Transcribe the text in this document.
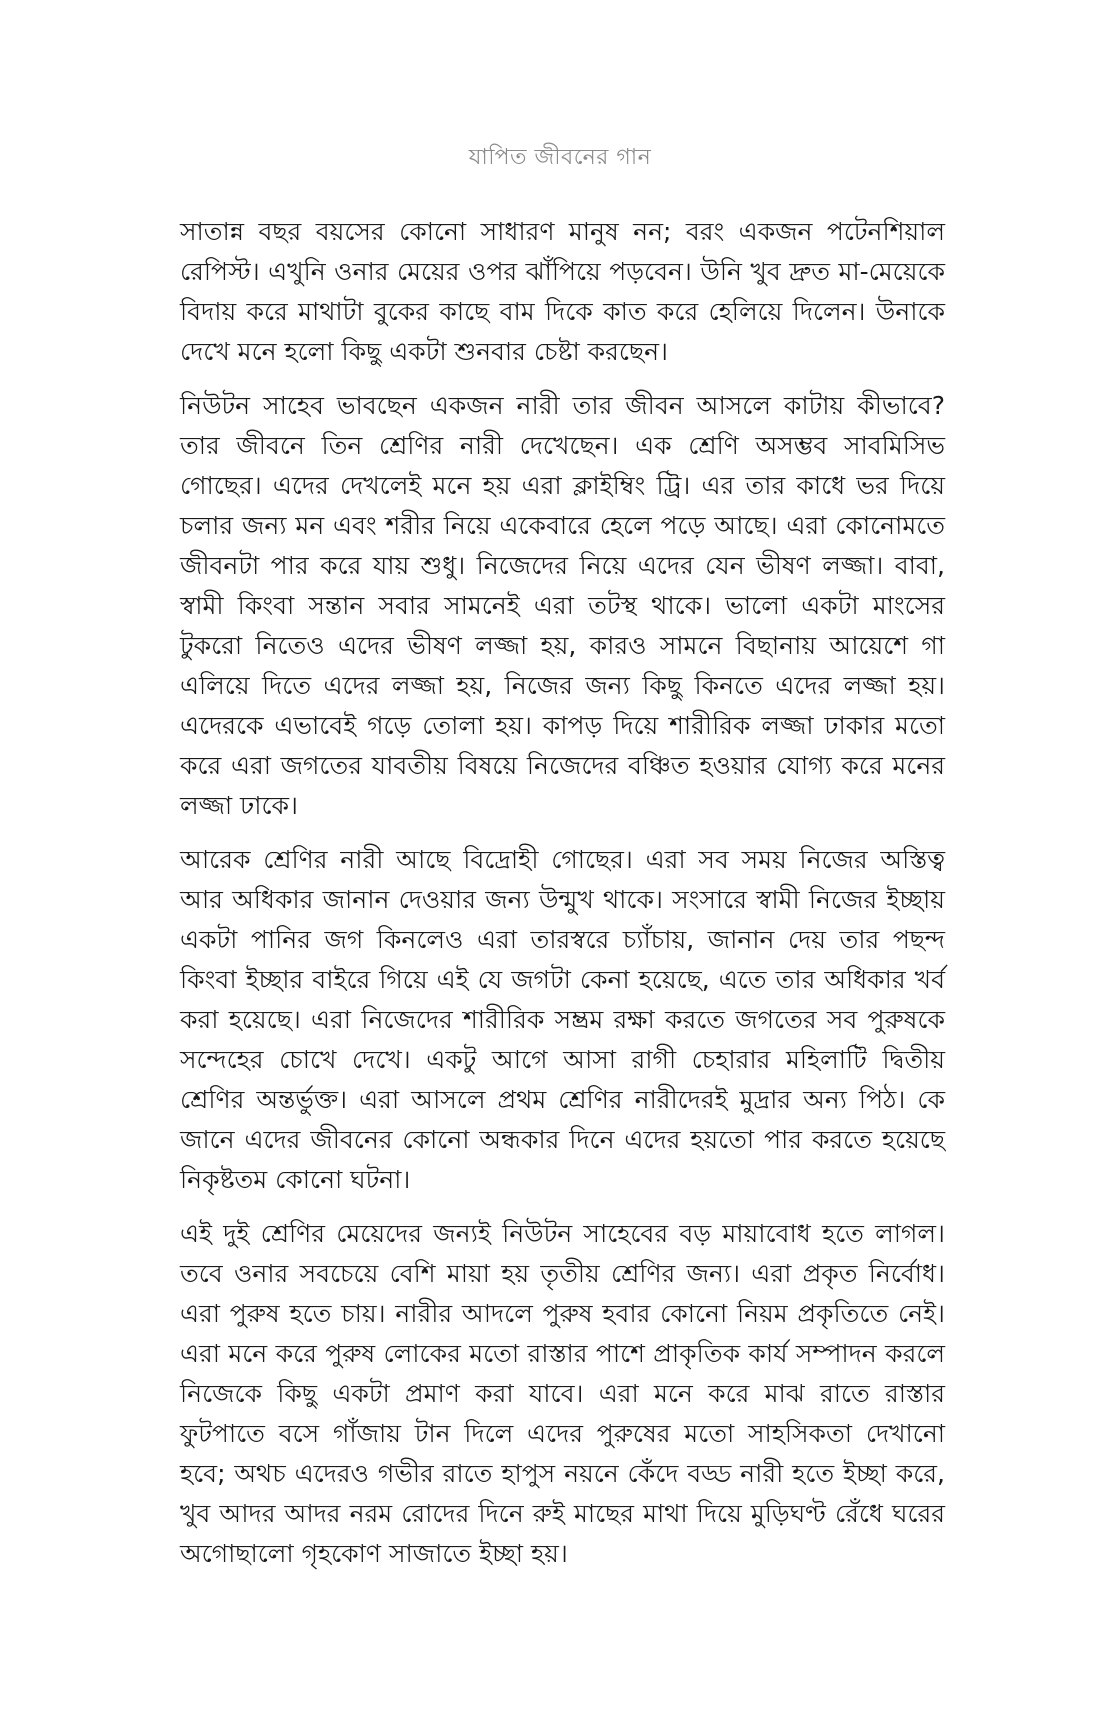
যাপিত জীবনের গান

সাতান্ন বছর বয়সের কোনো সাধারণ মানুষ নন; বরং একজন পটেনশিয়াল রেপিস্ট। এখুনি ওনার মেয়ের ওপর ঝাঁপিয়ে পড়বেন। উনি খুব দ্রুত মা-মেয়েকে বিদায় করে মাথাটা বুকের কাছে বাম দিকে কাত করে হেলিয়ে দিলেন। উনাকে দেখে মনে হলো কিছু একটা শুনবার চেষ্টা করছেন।

নিউটন সাহেব ভাবছেন একজন নারী তার জীবন আসলে কাটায় কীভাবে? তার জীবনে তিন শ্রেণির নারী দেখেছেন। এক শ্রেণি অসম্ভব সাবমিসিভ গোছের। এদের দেখলেই মনে হয় এরা ক্লাইম্বিং ট্রি। এর তার কাধে ভর দিয়ে চলার জন্য মন এবং শরীর নিয়ে একেবারে হেলে পড়ে আছে। এরা কোনোমতে জীবনটা পার করে যায় শুধু। নিজেদের নিয়ে এদের যেন ভীষণ লজ্জা। বাবা, স্বামী কিংবা সন্তান সবার সামনেই এরা তটস্থ থাকে। ভালো একটা মাংসের টুকরো নিতেও এদের ভীষণ লজ্জা হয়, কারও সামনে বিছানায় আয়েশে গা এলিয়ে দিতে এদের লজ্জা হয়, নিজের জন্য কিছু কিনতে এদের লজ্জা হয়। এদেরকে এভাবেই গড়ে তোলা হয়। কাপড় দিয়ে শারীরিক লজ্জা ঢাকার মতো করে এরা জগতের যাবতীয় বিষয়ে নিজেদের বঞ্চিত হওয়ার যোগ্য করে মনের লজ্জা ঢাকে।

আরেক শ্রেণির নারী আছে বিদ্রোহী গোছের। এরা সব সময় নিজের অস্তিত্ব আর অধিকার জানান দেওয়ার জন্য উন্মুখ থাকে। সংসারে স্বামী নিজের ইচ্ছায় একটা পানির জগ কিনলেও এরা তারস্বরে চ্যাঁচায়, জানান দেয় তার পছন্দ কিংবা ইচ্ছার বাইরে গিয়ে এই যে জগটা কেনা হয়েছে, এতে তার অধিকার খর্ব করা হয়েছে। এরা নিজেদের শারীরিক সম্ভ্রম রক্ষা করতে জগতের সব পুরুষকে সন্দেহের চোখে দেখে। একটু আগে আসা রাগী চেহারার মহিলাটি দ্বিতীয় শ্রেণির অন্তর্ভুক্ত। এরা আসলে প্রথম শ্রেণির নারীদেরই মুদ্রার অন্য পিঠ। কে জানে এদের জীবনের কোনো অন্ধকার দিনে এদের হয়তো পার করতে হয়েছে নিকৃষ্টতম কোনো ঘটনা।

এই দুই শ্রেণির মেয়েদের জন্যই নিউটন সাহেবের বড় মায়াবোধ হতে লাগল। তবে ওনার সবচেয়ে বেশি মায়া হয় তৃতীয় শ্রেণির জন্য। এরা প্রকৃত নির্বোধ। এরা পুরুষ হতে চায়। নারীর আদলে পুরুষ হবার কোনো নিয়ম প্রকৃতিতে নেই। এরা মনে করে পুরুষ লোকের মতো রাস্তার পাশে প্রাকৃতিক কার্য সম্পাদন করলে নিজেকে কিছু একটা প্রমাণ করা যাবে। এরা মনে করে মাঝ রাতে রাস্তার ফুটপাতে বসে গাঁজায় টান দিলে এদের পুরুষের মতো সাহসিকতা দেখানো হবে; অথচ এদেরও গভীর রাতে হাপুস নয়নে কেঁদে বড্ড নারী হতে ইচ্ছা করে, খুব আদর আদর নরম রোদের দিনে রুই মাছের মাথা দিয়ে মুড়িঘণ্ট রেঁধে ঘরের অগোছালো গৃহকোণ সাজাতে ইচ্ছা হয়।
